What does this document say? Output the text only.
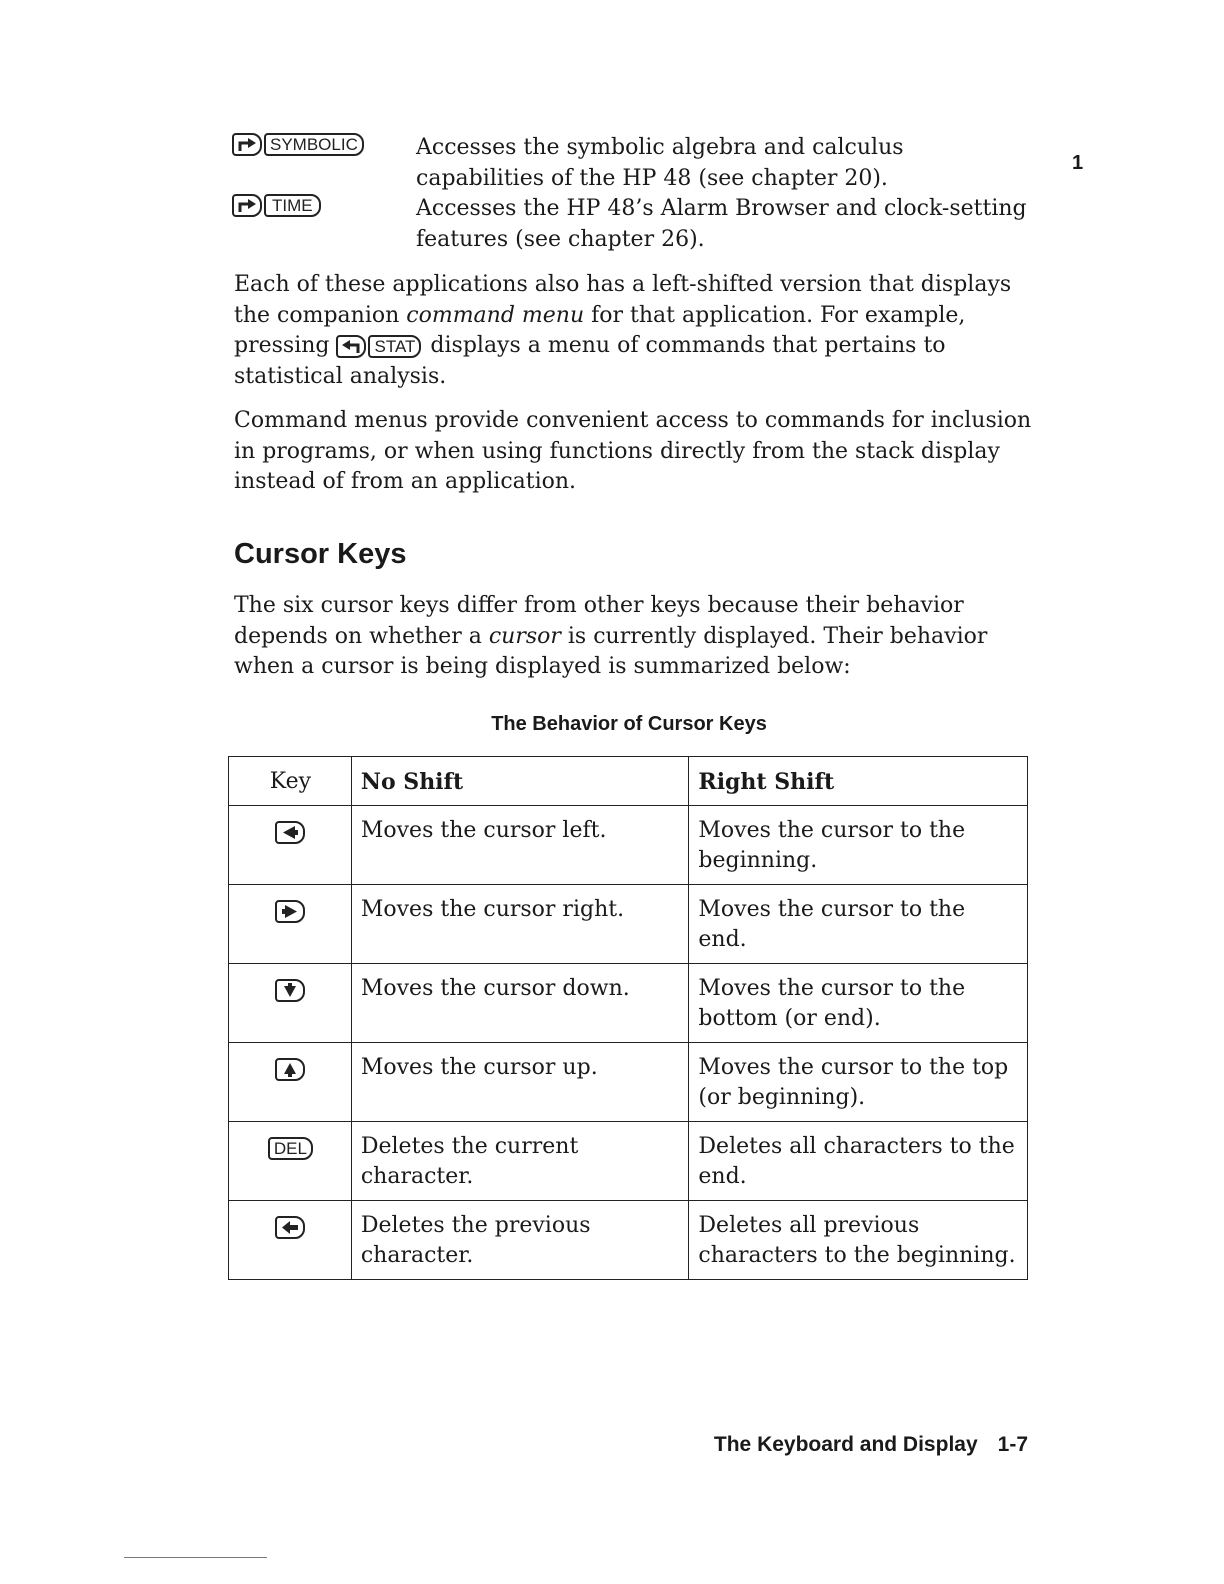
1
SYMBOLIC	Accesses the symbolic algebra and calculus capabilities of the HP 48 (see chapter 20).
TIME	Accesses the HP 48’s Alarm Browser and clock-setting features (see chapter 26).

Each of these applications also has a left-shifted version that displays the companion command menu for that application. For example, pressing	STAT displays a menu of commands that pertains to statistical analysis.

Command menus provide convenient access to commands for inclusion in programs, or when using functions directly from the stack display instead of from an application.

Cursor Keys

The six cursor keys differ from other keys because their behavior depends on whether a cursor is currently displayed. Their behavior when a cursor is being displayed is summarized below:

The Behavior of Cursor Keys
Key	No Shift	Right Shift

	Moves the cursor left.	Moves the cursor to the beginning.

	Moves the cursor right.	Moves the cursor to the end.

	Moves the cursor down.	Moves the cursor to the bottom (or end).

	Moves the cursor up.	Moves the cursor to the top (or beginning).
DEL	Deletes the current character.	Deletes all characters to the end.

	Deletes the previous character.	Deletes all previous characters to the beginning.
The Keyboard and Display 1-7
